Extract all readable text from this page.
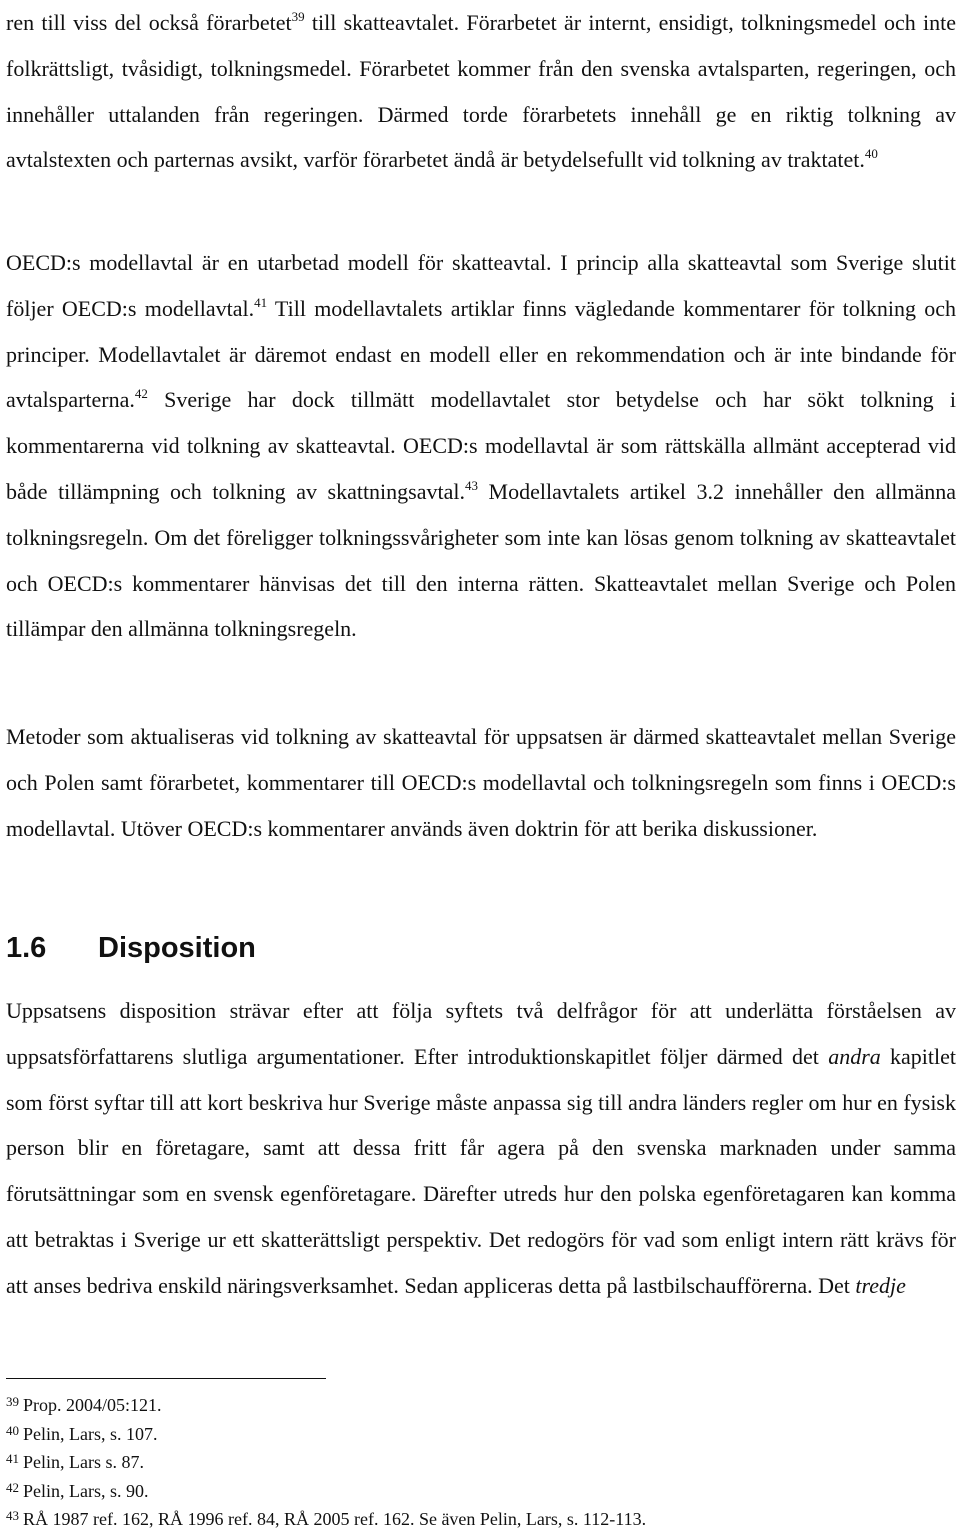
ren till viss del också förarbetet$^{39}$ till skatteavtalet. Förarbetet är internt, ensidigt, tolkningsmedel och inte folkrättsligt, tvåsidigt, tolkningsmedel. Förarbetet kommer från den svenska avtalsparten, regeringen, och innehåller uttalanden från regeringen. Därmed torde förarbetets innehåll ge en riktig tolkning av avtalstexten och parternas avsikt, varför förarbetet ändå är betydelsefullt vid tolkning av traktatet.$^{40}$

OECD:s modellavtal är en utarbetad modell för skatteavtal. I princip alla skatteavtal som Sverige slutit följer OECD:s modellavtal.$^{41}$ Till modellavtalets artiklar finns vägledande kommentarer för tolkning och principer. Modellavtalet är däremot endast en modell eller en rekommendation och är inte bindande för avtalsparterna.$^{42}$ Sverige har dock tillmätt modellavtalet stor betydelse och har sökt tolkning i kommentarerna vid tolkning av skatteavtal. OECD:s modellavtal är som rättskälla allmänt accepterad vid både tillämpning och tolkning av skattningsavtal.$^{43}$ Modellavtalets artikel 3.2 innehåller den allmänna tolkningsregeln. Om det föreligger tolkningssvårigheter som inte kan lösas genom tolkning av skatteavtalet och OECD:s kommentarer hänvisas det till den interna rätten. Skatteavtalet mellan Sverige och Polen tillämpar den allmänna tolkningsregeln.

Metoder som aktualiseras vid tolkning av skatteavtal för uppsatsen är därmed skatteavtalet mellan Sverige och Polen samt förarbetet, kommentarer till OECD:s modellavtal och tolkningsregeln som finns i OECD:s modellavtal. Utöver OECD:s kommentarer används även doktrin för att berika diskussioner.

1.6 Disposition

Uppsatsens disposition strävar efter att följa syftets två delfrågor för att underlätta förståelsen av uppsatsförfattarens slutliga argumentationer. Efter introduktionskapitlet följer därmed det andra kapitlet som först syftar till att kort beskriva hur Sverige måste anpassa sig till andra länders regler om hur en fysisk person blir en företagare, samt att dessa fritt får agera på den svenska marknaden under samma förutsättningar som en svensk egenföretagare. Därefter utreds hur den polska egenföretagaren kan komma att betraktas i Sverige ur ett skatterättsligt perspektiv. Det redogörs för vad som enligt intern rätt krävs för att anses bedriva enskild näringsverksamhet. Sedan appliceras detta på lastbilschaufförerna. Det tredje

$^{39}$ Prop. 2004/05:121.
$^{40}$ Pelin, Lars, s. 107.
$^{41}$ Pelin, Lars s. 87.
$^{42}$ Pelin, Lars, s. 90.
$^{43}$ RÅ 1987 ref. 162, RÅ 1996 ref. 84, RÅ 2005 ref. 162. Se även Pelin, Lars, s. 112-113.
